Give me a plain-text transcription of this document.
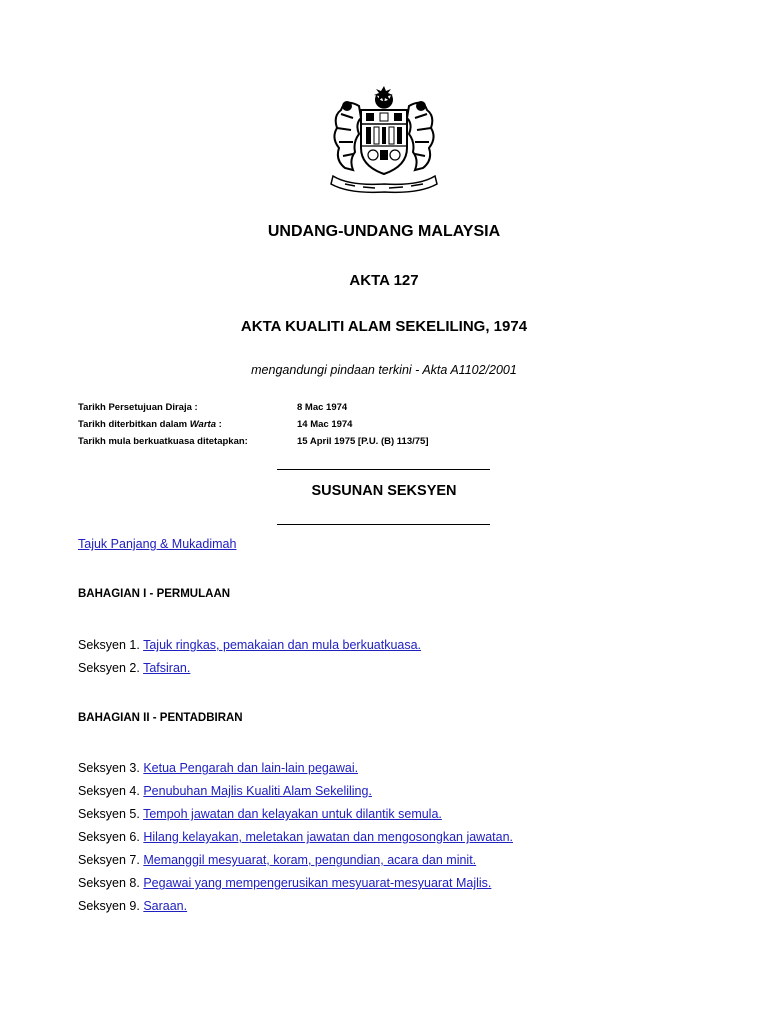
UNDANG-UNDANG MALAYSIA
AKTA 127
AKTA KUALITI ALAM SEKELILING, 1974
mengandungi pindaan terkini - Akta A1102/2001
Tarikh Persetujuan Diraja :	8 Mac 1974
Tarikh diterbitkan dalam Warta :	14 Mac 1974
Tarikh mula berkuatkuasa ditetapkan:	15 April 1975 [P.U. (B) 113/75]
SUSUNAN SEKSYEN
Tajuk Panjang & Mukadimah
BAHAGIAN I - PERMULAAN
Seksyen 1. Tajuk ringkas, pemakaian dan mula berkuatkuasa.
Seksyen 2. Tafsiran.
BAHAGIAN II - PENTADBIRAN
Seksyen 3. Ketua Pengarah dan lain-lain pegawai.
Seksyen 4. Penubuhan Majlis Kualiti Alam Sekeliling.
Seksyen 5. Tempoh jawatan dan kelayakan untuk dilantik semula.
Seksyen 6. Hilang kelayakan, meletakan jawatan dan mengosongkan jawatan.
Seksyen 7. Memanggil mesyuarat, koram, pengundian, acara dan minit.
Seksyen 8. Pegawai yang mempengerusikan mesyuarat-mesyuarat Majlis.
Seksyen 9. Saraan.
